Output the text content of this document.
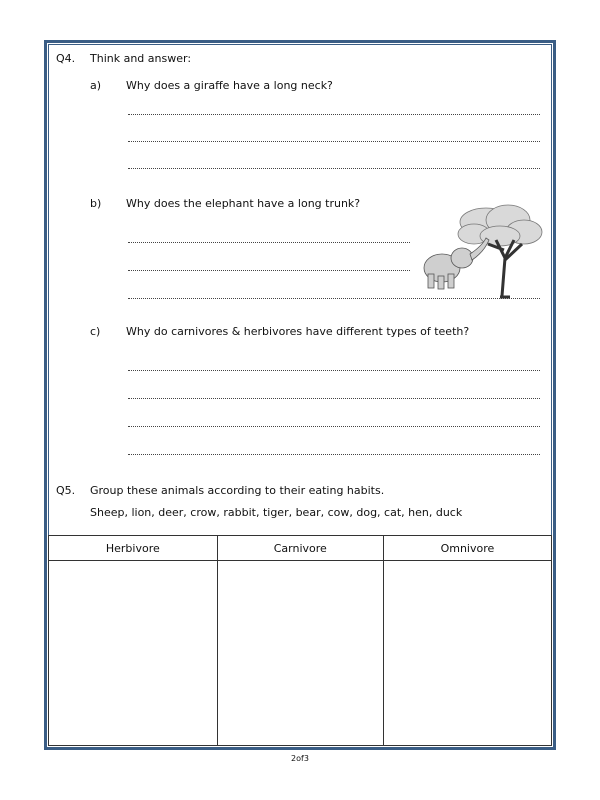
Q4. Think and answer:
a) Why does a giraffe have a long neck?
b) Why does the elephant have a long trunk?
c) Why do carnivores & herbivores have different types of teeth?
Q5. Group these animals according to their eating habits.
Sheep, lion, deer, crow, rabbit, tiger, bear, cow, dog, cat, hen, duck
Herbivore	Carnivore	Omnivore

2of3
